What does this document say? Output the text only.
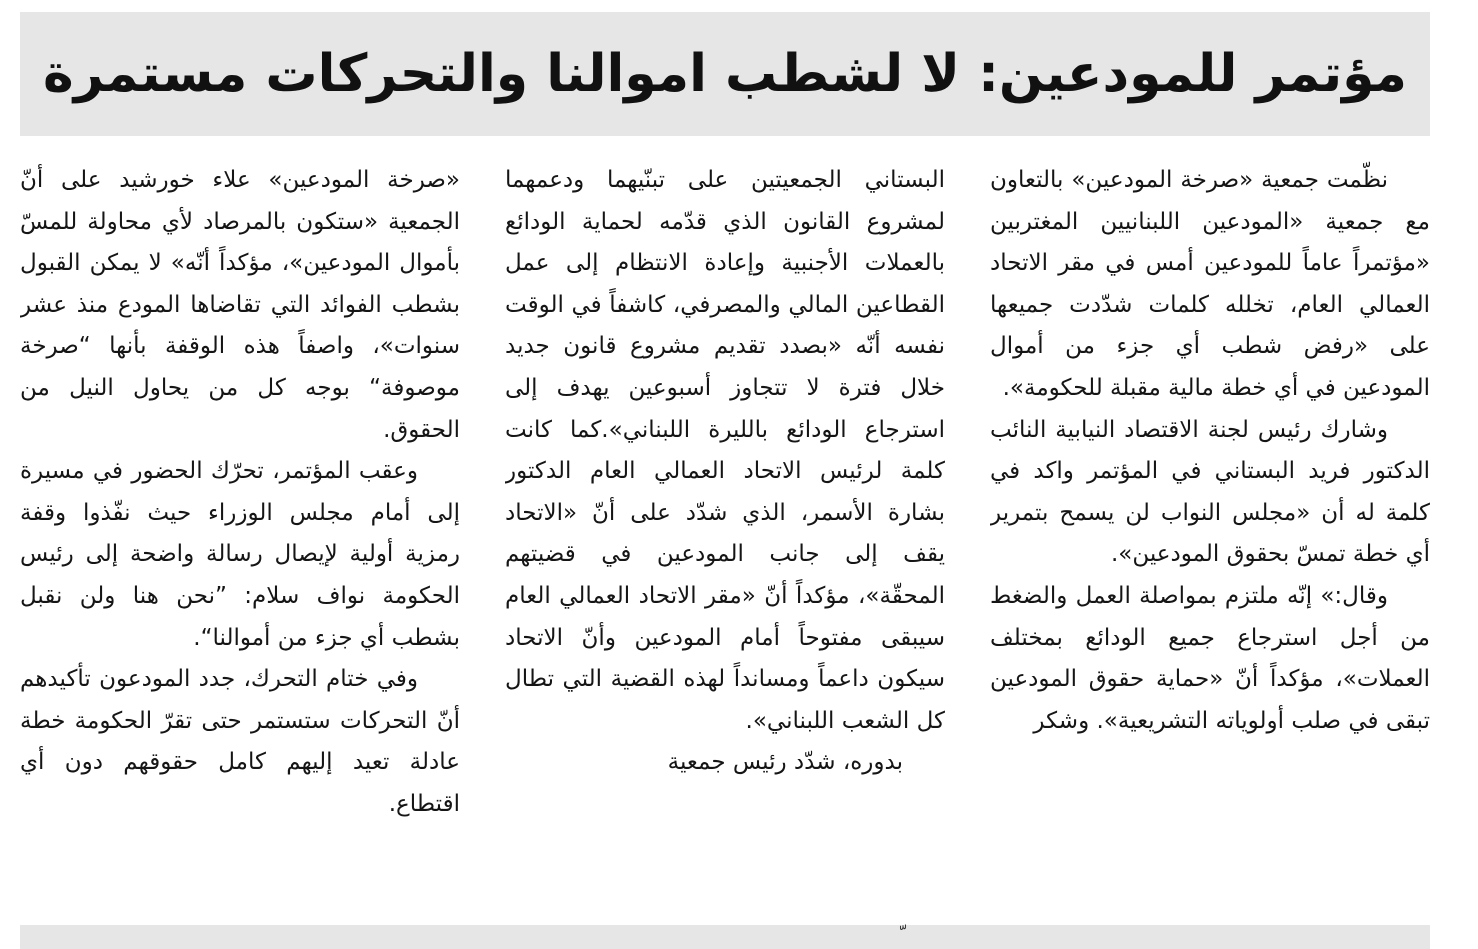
مؤتمر للمودعين: لا لشطب اموالنا والتحركات مستمرة

نظّمت جمعية «صرخة المودعين» بالتعاون مع جمعية «المودعين اللبنانيين المغتربين «مؤتمراً عاماً للمودعين أمس في مقر الاتحاد العمالي العام، تخلله كلمات شدّدت جميعها على «رفض شطب أي جزء من أموال المودعين في أي خطة مالية مقبلة للحكومة».

وشارك رئيس لجنة الاقتصاد النيابية النائب الدكتور فريد البستاني في المؤتمر واكد في كلمة له أن «مجلس النواب لن يسمح بتمرير أي خطة تمسّ بحقوق المودعين».

وقال:» إنّه ملتزم بمواصلة العمل والضغط من أجل استرجاع جميع الودائع بمختلف العملات»، مؤكداً أنّ «حماية حقوق المودعين تبقى في صلب أولوياته التشريعية». وشكر

البستاني الجمعيتين على تبنّيهما ودعمهما لمشروع القانون الذي قدّمه لحماية الودائع بالعملات الأجنبية وإعادة الانتظام إلى عمل القطاعين المالي والمصرفي، كاشفاً في الوقت نفسه أنّه «بصدد تقديم مشروع قانون جديد خلال فترة لا تتجاوز أسبوعين يهدف إلى استرجاع الودائع بالليرة اللبناني».كما كانت كلمة لرئيس الاتحاد العمالي العام الدكتور بشارة الأسمر، الذي شدّد على أنّ «الاتحاد يقف إلى جانب المودعين في قضيتهم المحقّة»، مؤكداً أنّ «مقر الاتحاد العمالي العام سيبقى مفتوحاً أمام المودعين وأنّ الاتحاد سيكون داعماً ومسانداً لهذه القضية التي تطال كل الشعب اللبناني».

بدوره، شدّد رئيس جمعية

«صرخة المودعين» علاء خورشيد على أنّ الجمعية «ستكون بالمرصاد لأي محاولة للمسّ بأموال المودعين»، مؤكداً أنّه» لا يمكن القبول بشطب الفوائد التي تقاضاها المودع منذ عشر سنوات»، واصفاً هذه الوقفة بأنها “صرخة موصوفة“ بوجه كل من يحاول النيل من الحقوق.

وعقب المؤتمر، تحرّك الحضور في مسيرة إلى أمام مجلس الوزراء حيث نفّذوا وقفة رمزية أولية لإيصال رسالة واضحة إلى رئيس الحكومة نواف سلام: ”نحن هنا ولن نقبل بشطب أي جزء من أموالنا“.

وفي ختام التحرك، جدد المودعون تأكيدهم أنّ التحركات ستستمر حتى تقرّ الحكومة خطة عادلة تعيد إليهم كامل حقوقهم دون أي اقتطاع.
